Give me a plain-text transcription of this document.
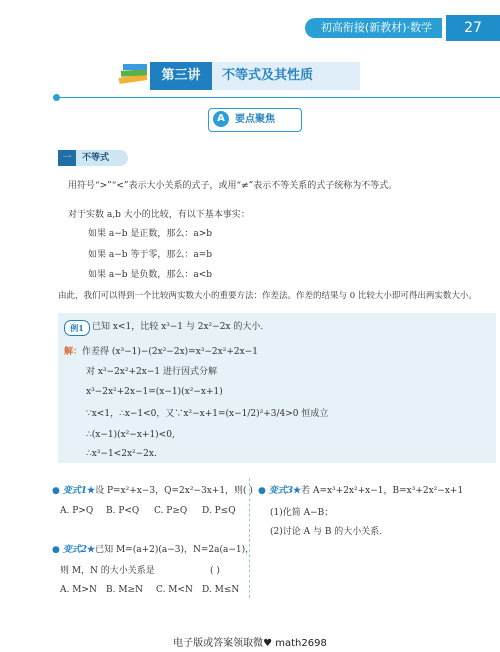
初高衔接(新教材)·数学	27
第三讲	不等式及其性质
A	要点聚焦
一	不等式
用符号“>”“<”表示大小关系的式子，或用“≠”表示不等关系的式子统称为不等式。
对于实数 a,b 大小的比较，有以下基本事实：
如果 a−b 是正数，那么：a>b
如果 a−b 等于零，那么：a=b
如果 a−b 是负数，那么：a<b
由此，我们可以得到一个比较两实数大小的重要方法：作差法。作差的结果与 0 比较大小即可得出两实数大小。
例1 已知 x<1，比较 x³−1 与 2x²−2x 的大小.
解：作差得 (x³−1)−(2x²−2x)=x³−2x²+2x−1
对 x³−2x²+2x−1 进行因式分解
x³−2x²+2x−1=(x−1)(x²−x+1)
∵x<1，∴x−1<0，又∵x²−x+1=(x−1/2)²+3/4>0 恒成立
∴(x−1)(x²−x+1)<0,
∴x³−1<2x²−2x.
● 变式1★设 P=x²+x−3，Q=2x²−3x+1，则( )
A. P>Q B. P<Q C. P≥Q D. P≤Q
● 变式2★已知 M=(a+2)(a−3)，N=2a(a−1)，
则 M，N 的大小关系是	( )
A. M>N B. M≥N C. M<N D. M≤N
● 变式3★若 A=x³+2x²+x−1，B=x³+2x²−x+1
(1)化简 A−B；
(2)讨论 A 与 B 的大小关系.
电子版或答案领取微♥ math2698
